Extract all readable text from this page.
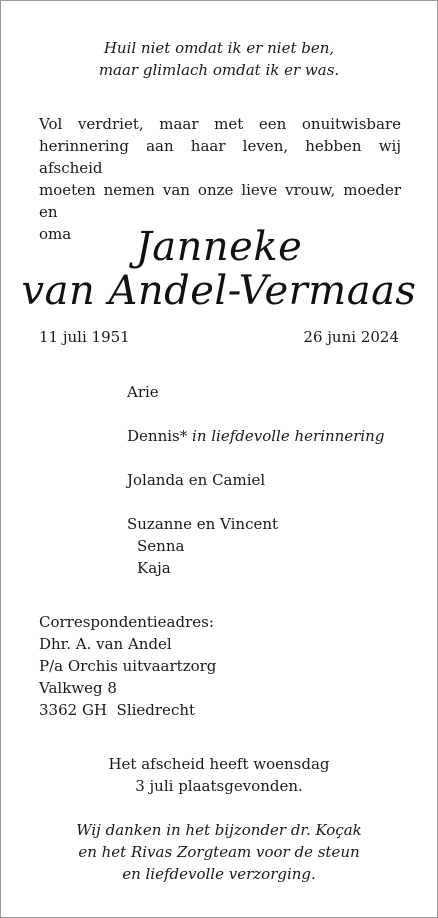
Huil niet omdat ik er niet ben,
maar glimlach omdat ik er was.
Vol verdriet, maar met een onuitwisbare
herinnering aan haar leven, hebben wij afscheid
moeten nemen van onze lieve vrouw, moeder en
oma	Janneke
van Andel-Vermaas
11 juli 1951	26 juni 2024
Arie
Dennis* in liefdevolle herinnering
Jolanda en Camiel
Suzanne en Vincent
Senna
Kaja
Correspondentieadres:
Dhr. A. van Andel
P/a Orchis uitvaartzorg
Valkweg 8
3362 GH  Sliedrecht
Het afscheid heeft woensdag
3 juli plaatsgevonden.
Wij danken in het bijzonder dr. Koçak
en het Rivas Zorgteam voor de steun
en liefdevolle verzorging.
